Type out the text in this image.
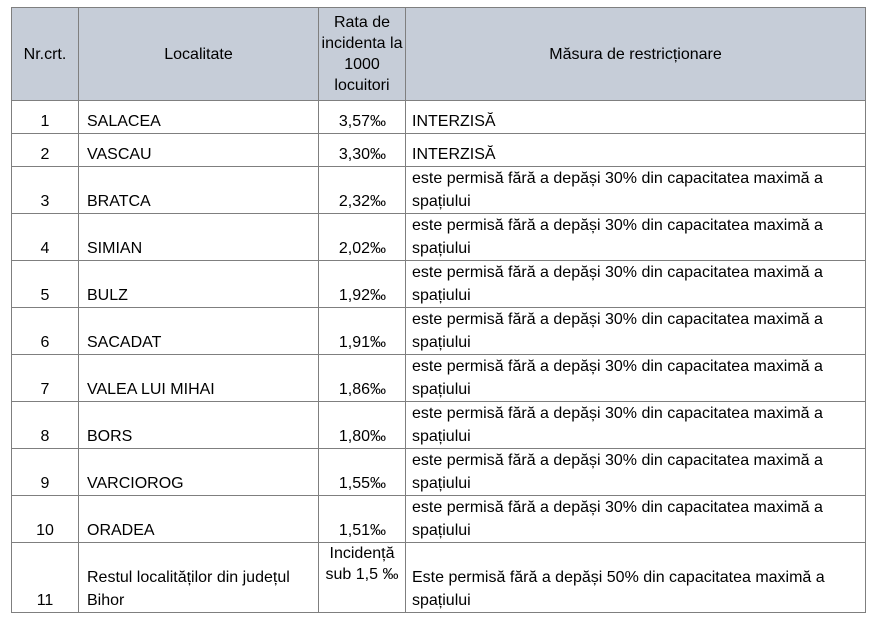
Nr.crt.	Localitate	Rata de incidenta la 1000 locuitori	Măsura de restricționare
1	SALACEA	3,57‰	INTERZISĂ
2	VASCAU	3,30‰	INTERZISĂ
3	BRATCA	2,32‰	este permisă fără a depăși 30% din capacitatea maximă a spațiului
4	SIMIAN	2,02‰	este permisă fără a depăși 30% din capacitatea maximă a spațiului
5	BULZ	1,92‰	este permisă fără a depăși 30% din capacitatea maximă a spațiului
6	SACADAT	1,91‰	este permisă fără a depăși 30% din capacitatea maximă a spațiului
7	VALEA LUI MIHAI	1,86‰	este permisă fără a depăși 30% din capacitatea maximă a spațiului
8	BORS	1,80‰	este permisă fără a depăși 30% din capacitatea maximă a spațiului
9	VARCIOROG	1,55‰	este permisă fără a depăși 30% din capacitatea maximă a spațiului
10	ORADEA	1,51‰	este permisă fără a depăși 30% din capacitatea maximă a spațiului
11	Restul localităților din județul Bihor	Incidență sub 1,5 ‰	Este permisă fără a depăși 50% din capacitatea maximă a spațiului
